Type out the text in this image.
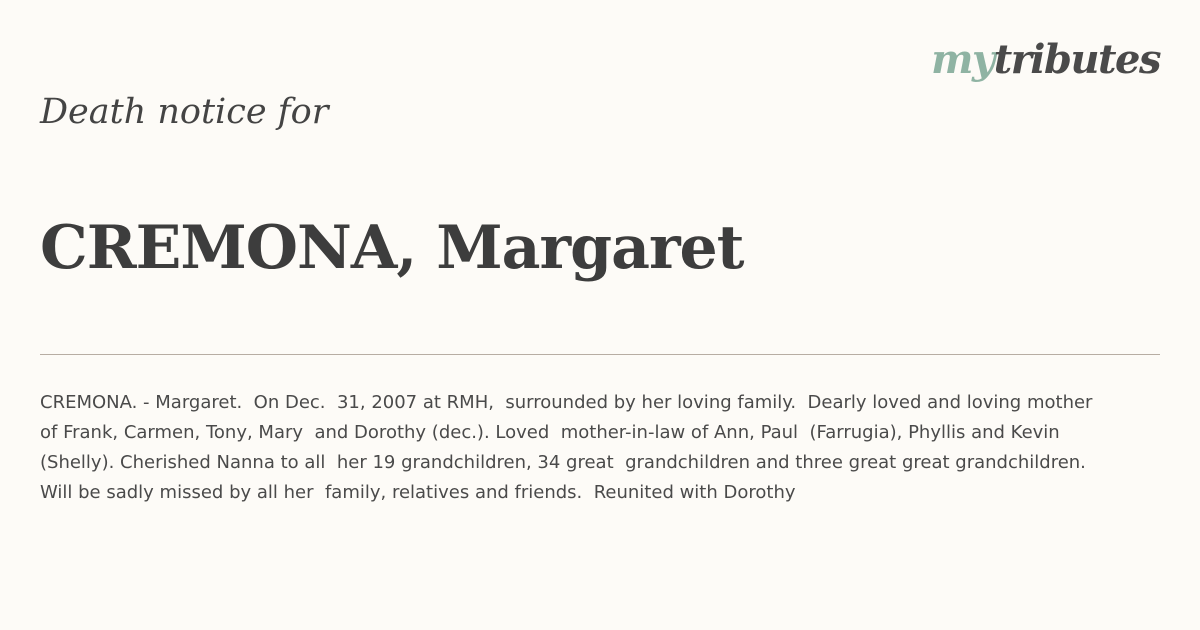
mytributes
Death notice for
CREMONA, Margaret

CREMONA. - Margaret.  On Dec.  31, 2007 at RMH,  surrounded by her loving family.  Dearly loved and loving mother  of Frank, Carmen, Tony, Mary  and Dorothy (dec.). Loved  mother-in-law of Ann, Paul  (Farrugia), Phyllis and Kevin (Shelly). Cherished Nanna to all  her 19 grandchildren, 34 great  grandchildren and three great great grandchildren.  Will be sadly missed by all her  family, relatives and friends.  Reunited with Dorothy
